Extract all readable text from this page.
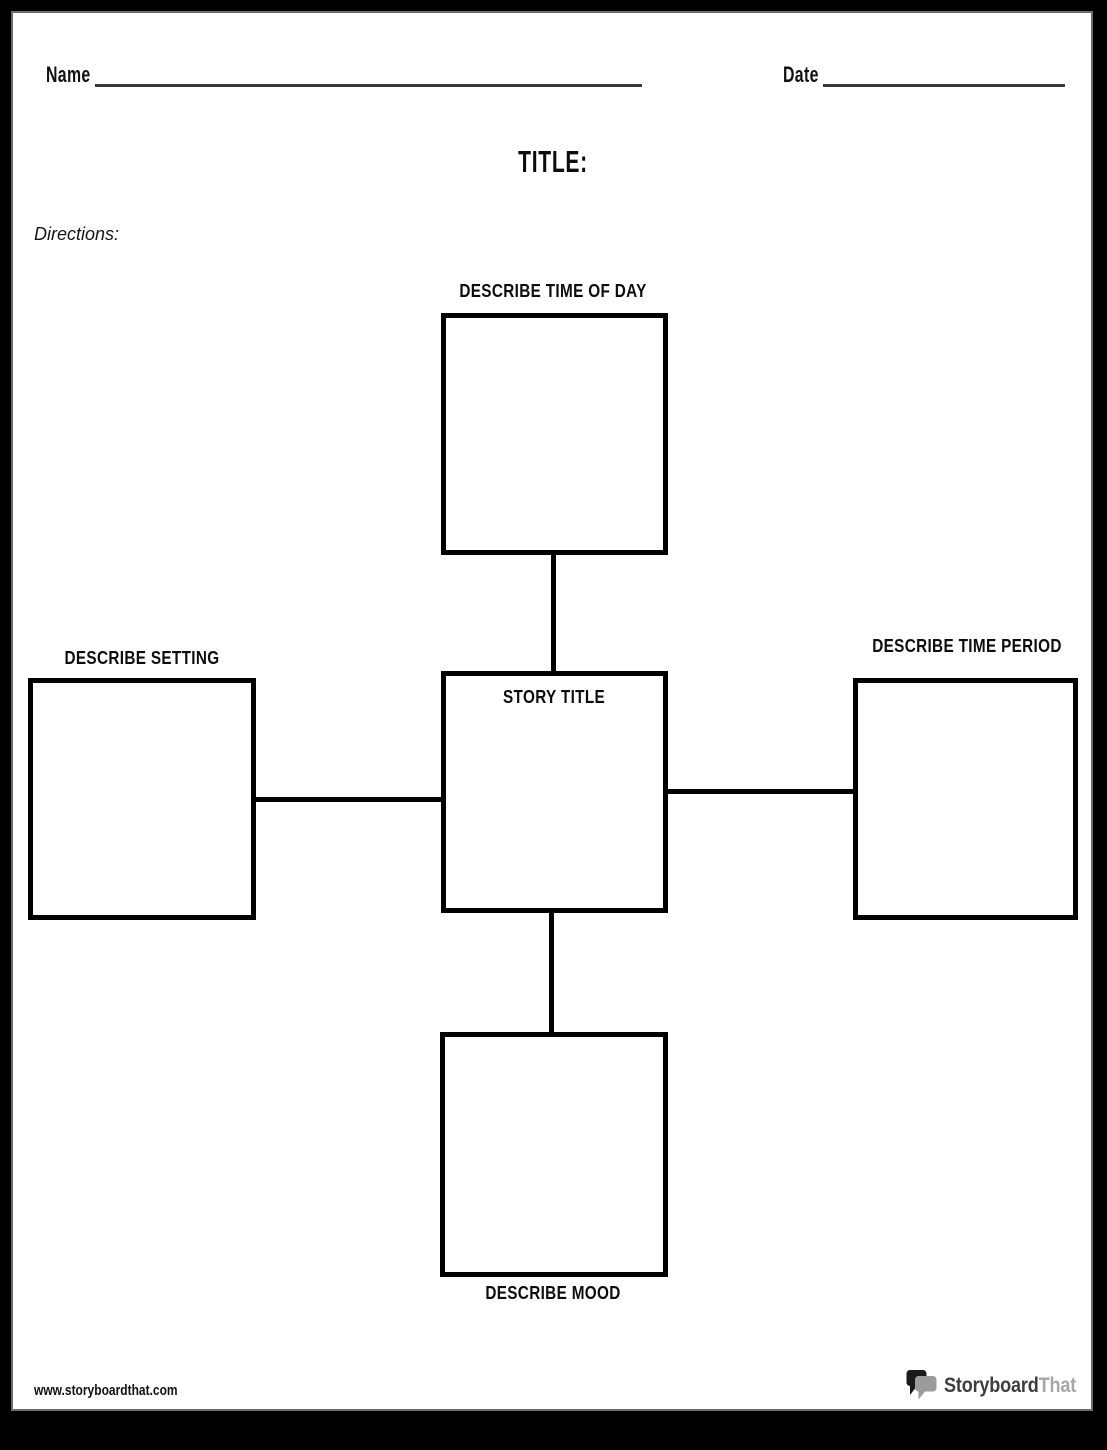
Name	Date
TITLE:
Directions:
DESCRIBE TIME OF DAY
DESCRIBE SETTING
DESCRIBE TIME PERIOD
DESCRIBE MOOD
STORY TITLE
www.storyboardthat.com	StoryboardThat
